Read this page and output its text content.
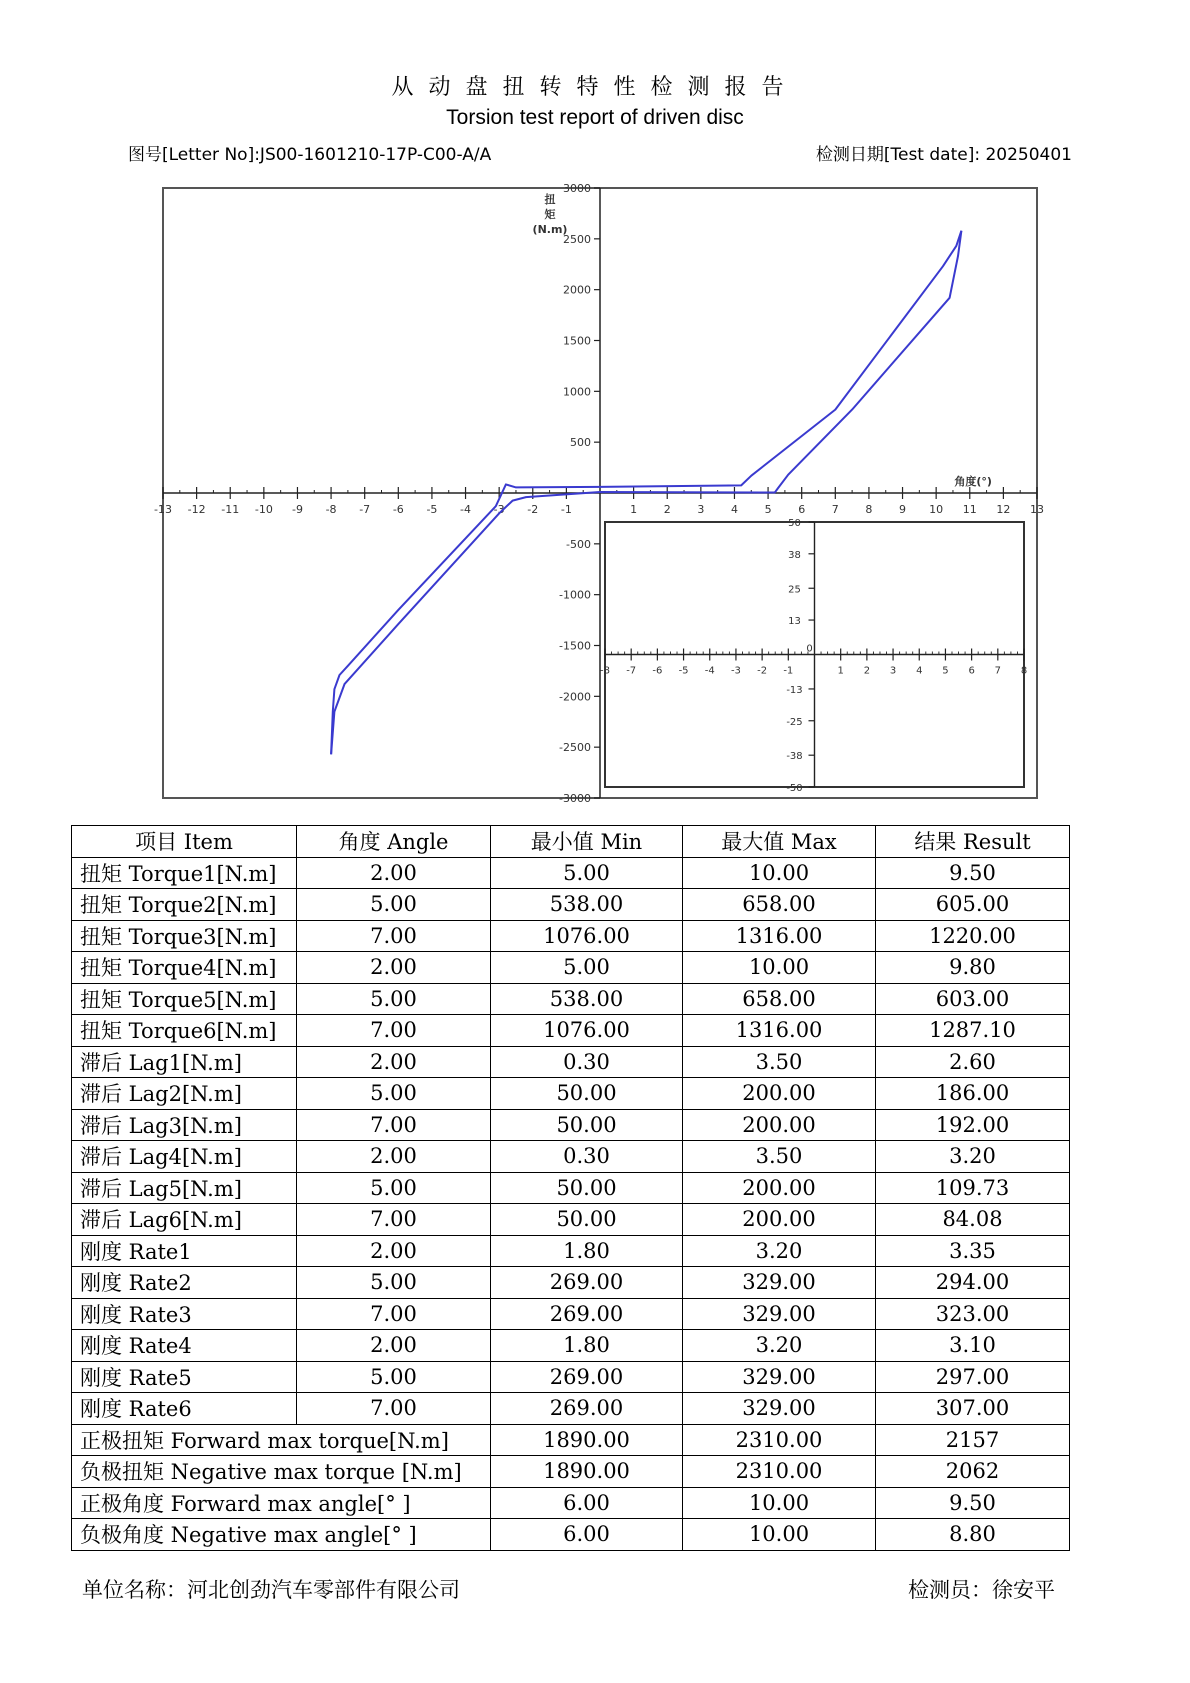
从动盘扭转特性检测报告
Torsion test report of driven disc
图号[Letter No]:JS00-1601210-17P-C00-A/A	检测日期[Test date]: 20250401
-13 -12 -11 -10 -9 -8 -7 -6 -5 -4 -3 -2 -1	1 2 3 4 5 6 7 8 9 10 11 12 13
-3000
-2500
-2000
-1500
-1000
-500
500
1000
1500
2000
2500
3000
扭
矩
(N.m)
角度(°)
-8 -7 -6 -5 -4 -3 -2 -1	1 2 3 4 5 6 7 8
-50
-38
-25
-13
13
25
38
50
0
项目 Item	角度 Angle	最小值 Min	最大值 Max	结果 Result
扭矩 Torque1[N.m]	2.00	5.00	10.00	9.50
扭矩 Torque2[N.m]	5.00	538.00	658.00	605.00
扭矩 Torque3[N.m]	7.00	1076.00	1316.00	1220.00
扭矩 Torque4[N.m]	2.00	5.00	10.00	9.80
扭矩 Torque5[N.m]	5.00	538.00	658.00	603.00
扭矩 Torque6[N.m]	7.00	1076.00	1316.00	1287.10
滞后 Lag1[N.m]	2.00	0.30	3.50	2.60
滞后 Lag2[N.m]	5.00	50.00	200.00	186.00
滞后 Lag3[N.m]	7.00	50.00	200.00	192.00
滞后 Lag4[N.m]	2.00	0.30	3.50	3.20
滞后 Lag5[N.m]	5.00	50.00	200.00	109.73
滞后 Lag6[N.m]	7.00	50.00	200.00	84.08
刚度 Rate1	2.00	1.80	3.20	3.35
刚度 Rate2	5.00	269.00	329.00	294.00
刚度 Rate3	7.00	269.00	329.00	323.00
刚度 Rate4	2.00	1.80	3.20	3.10
刚度 Rate5	5.00	269.00	329.00	297.00
刚度 Rate6	7.00	269.00	329.00	307.00
正极扭矩 Forward max torque[N.m]		1890.00	2310.00	2157
负极扭矩 Negative max torque [N.m]		1890.00	2310.00	2062
正极角度 Forward max angle[° ]		6.00	10.00	9.50
负极角度 Negative max angle[° ]		6.00	10.00	8.80
单位名称：河北创劲汽车零部件有限公司	检测员：徐安平
